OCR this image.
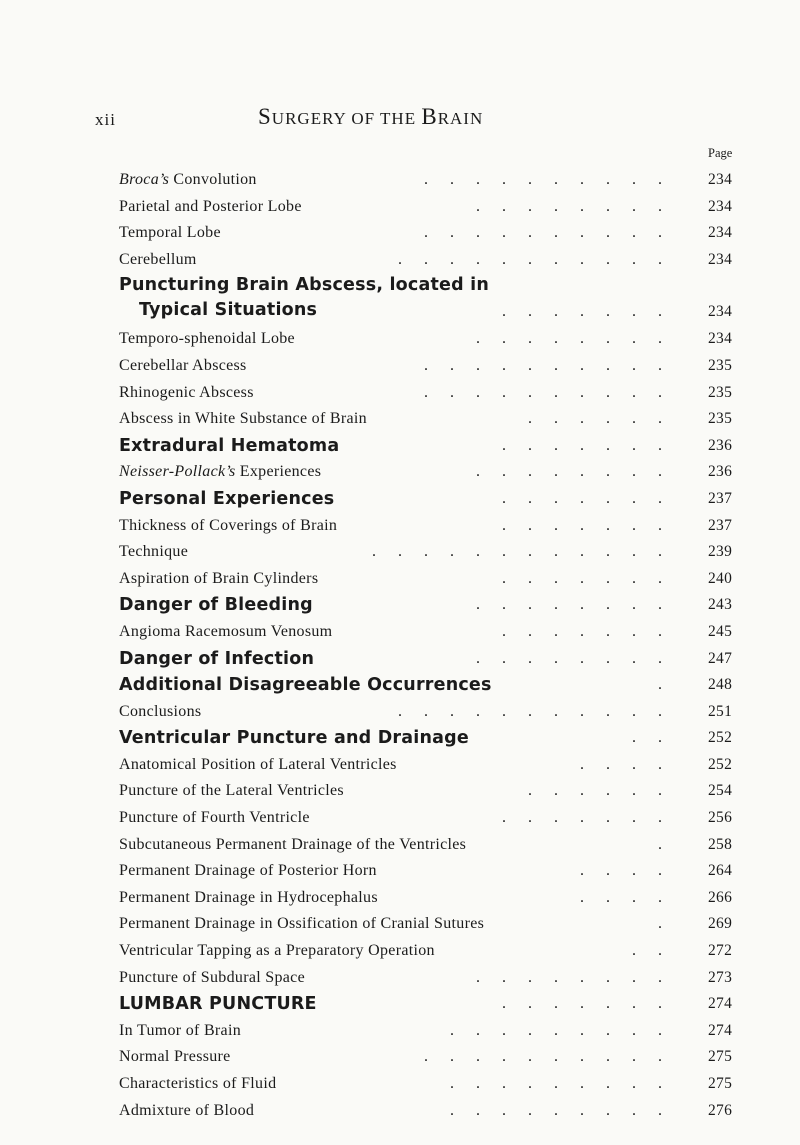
xii	SURGERY OF THE BRAIN
Page
Broca’s Convolution	. . . . . . . . . . 234
Parietal and Posterior Lobe	. . . . . . . . 234
Temporal Lobe	. . . . . . . . . . 234
Cerebellum	. . . . . . . . . . . 234
Puncturing Brain Abscess, located in
Typical Situations	. . . . . . . 234
Temporo-sphenoidal Lobe	. . . . . . . . 234
Cerebellar Abscess	. . . . . . . . . . 235
Rhinogenic Abscess	. . . . . . . . . . 235
Abscess in White Substance of Brain	. . . . . . 235
Extradural Hematoma	. . . . . . . 236
Neisser-Pollack’s Experiences	. . . . . . . . 236
Personal Experiences	. . . . . . . 237
Thickness of Coverings of Brain	. . . . . . . 237
Technique	. . . . . . . . . . . . 239
Aspiration of Brain Cylinders	. . . . . . . 240
Danger of Bleeding	. . . . . . . . 243
Angioma Racemosum Venosum	. . . . . . . 245
Danger of Infection	. . . . . . . . 247
Additional Disagreeable Occurrences	. 248
Conclusions	. . . . . . . . . . . 251
Ventricular Puncture and Drainage	. . 252
Anatomical Position of Lateral Ventricles	. . . . 252
Puncture of the Lateral Ventricles	. . . . . . 254
Puncture of Fourth Ventricle	. . . . . . . 256
Subcutaneous Permanent Drainage of the Ventricles	. 258
Permanent Drainage of Posterior Horn	. . . . 264
Permanent Drainage in Hydrocephalus	. . . . 266
Permanent Drainage in Ossification of Cranial Sutures	. 269
Ventricular Tapping as a Preparatory Operation	. . 272
Puncture of Subdural Space	. . . . . . . . 273
LUMBAR PUNCTURE	. . . . . . . 274
In Tumor of Brain	. . . . . . . . . 274
Normal Pressure	. . . . . . . . . . 275
Characteristics of Fluid	. . . . . . . . . 275
Admixture of Blood	. . . . . . . . . 276
